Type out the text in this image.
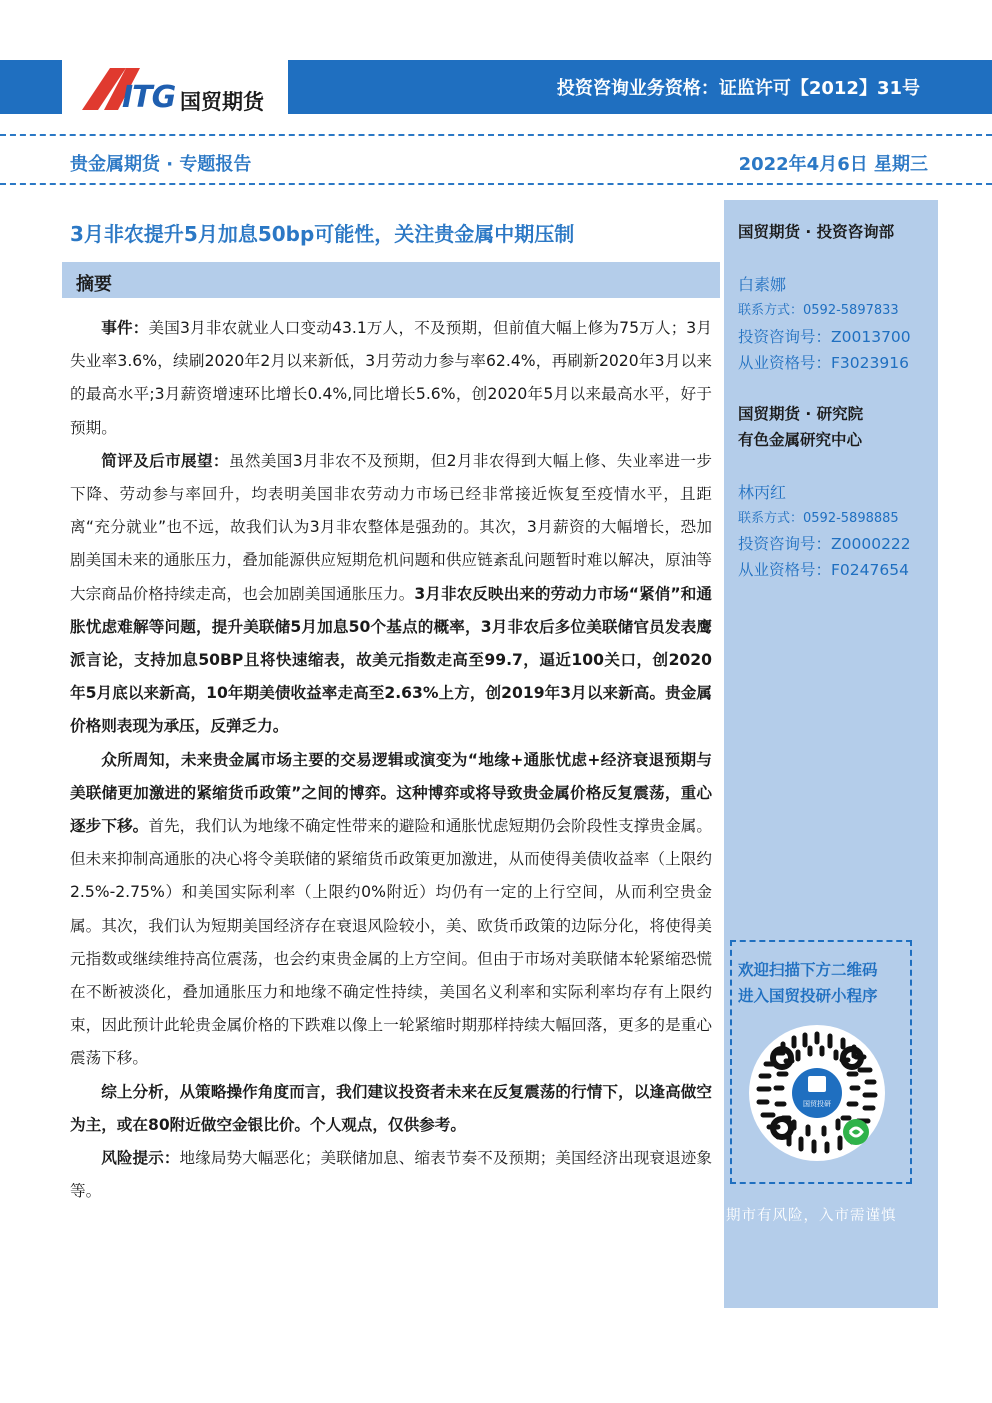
ITG 国贸期货
投资咨询业务资格：证监许可【2012】31号
贵金属期货 · 专题报告	2022年4月6日 星期三
3月非农提升5月加息50bp可能性，关注贵金属中期压制
摘要

事件：美国3月非农就业人口变动43.1万人，不及预期，但前值大幅上修为75万人；3月失业率3.6%，续刷2020年2月以来新低，3月劳动力参与率62.4%，再刷新2020年3月以来的最高水平;3月薪资增速环比增长0.4%,同比增长5.6%，创2020年5月以来最高水平，好于预期。

简评及后市展望：虽然美国3月非农不及预期，但2月非农得到大幅上修、失业率进一步下降、劳动参与率回升，均表明美国非农劳动力市场已经非常接近恢复至疫情水平，且距离“充分就业”也不远，故我们认为3月非农整体是强劲的。其次，3月薪资的大幅增长，恐加剧美国未来的通胀压力，叠加能源供应短期危机问题和供应链紊乱问题暂时难以解决，原油等大宗商品价格持续走高，也会加剧美国通胀压力。3月非农反映出来的劳动力市场“紧俏”和通胀忧虑难解等问题，提升美联储5月加息50个基点的概率，3月非农后多位美联储官员发表鹰派言论，支持加息50BP且将快速缩表，故美元指数走高至99.7，逼近100关口，创2020年5月底以来新高，10年期美债收益率走高至2.63%上方，创2019年3月以来新高。贵金属价格则表现为承压，反弹乏力。

众所周知，未来贵金属市场主要的交易逻辑或演变为“地缘+通胀忧虑+经济衰退预期与美联储更加激进的紧缩货币政策”之间的博弈。这种博弈或将导致贵金属价格反复震荡，重心逐步下移。首先，我们认为地缘不确定性带来的避险和通胀忧虑短期仍会阶段性支撑贵金属。但未来抑制高通胀的决心将令美联储的紧缩货币政策更加激进，从而使得美债收益率（上限约2.5%-2.75%）和美国实际利率（上限约0%附近）均仍有一定的上行空间，从而利空贵金属。其次，我们认为短期美国经济存在衰退风险较小，美、欧货币政策的边际分化，将使得美元指数或继续维持高位震荡，也会约束贵金属的上方空间。但由于市场对美联储本轮紧缩恐慌在不断被淡化，叠加通胀压力和地缘不确定性持续，美国名义利率和实际利率均存有上限约束，因此预计此轮贵金属价格的下跌难以像上一轮紧缩时期那样持续大幅回落，更多的是重心震荡下移。

综上分析，从策略操作角度而言，我们建议投资者未来在反复震荡的行情下，以逢高做空为主，或在80附近做空金银比价。个人观点，仅供参考。

风险提示：地缘局势大幅恶化；美联储加息、缩表节奏不及预期；美国经济出现衰退迹象等。

国贸期货 · 投资咨询部
白素娜
联系方式：0592-5897833
投资咨询号：Z0013700
从业资格号：F3023916
国贸期货 · 研究院
有色金属研究中心
林丙红
联系方式：0592-5898885
投资咨询号：Z0000222
从业资格号：F0247654
欢迎扫描下方二维码
进入国贸投研小程序
国贸投研
期市有风险，入市需谨慎
